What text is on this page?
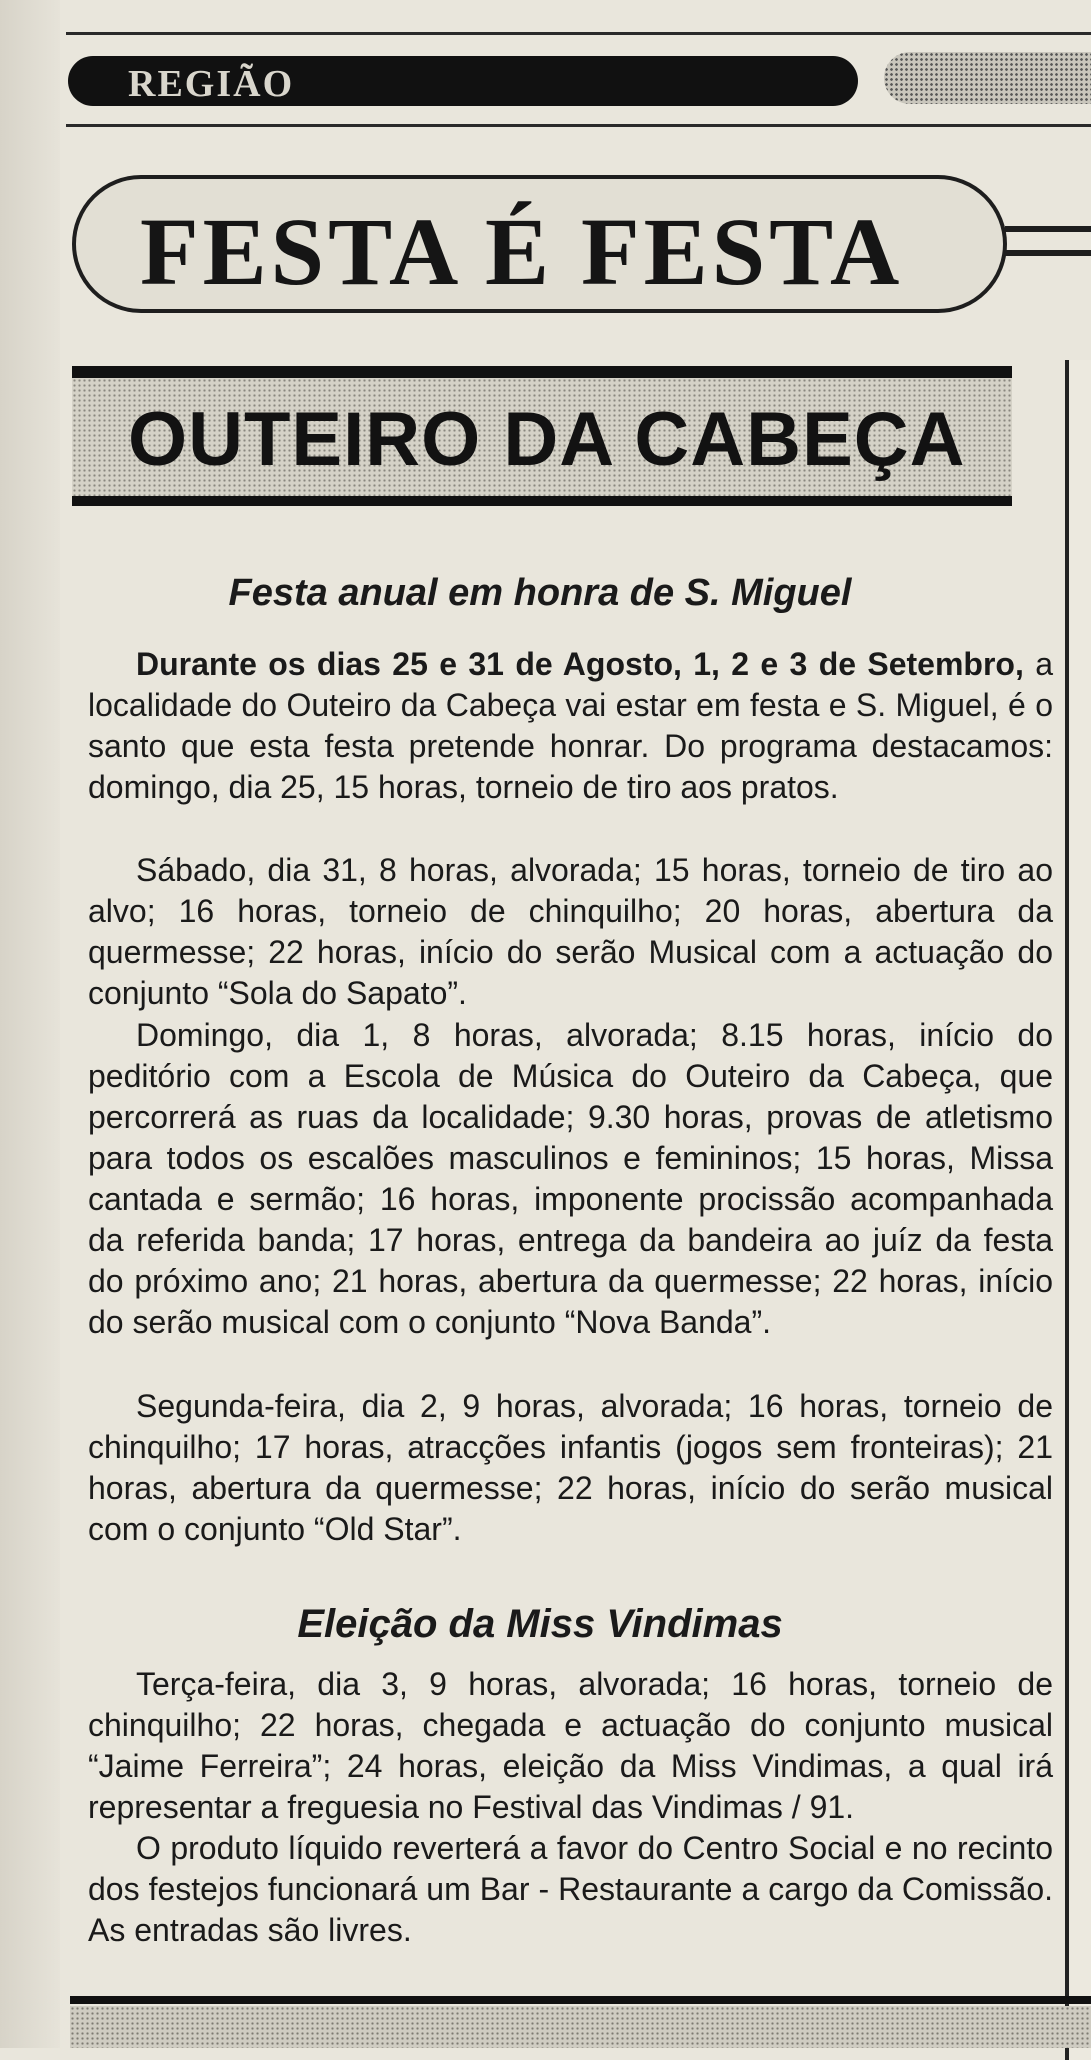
REGIÃO
FESTA É FESTA
OUTEIRO DA CABEÇA
Festa anual em honra de S. Miguel

Durante os dias 25 e 31 de Agosto, 1, 2 e 3 de Setembro, a localidade do Outeiro da Cabeça vai estar em festa e S. Miguel, é o santo que esta festa pretende honrar. Do programa destacamos: domingo, dia 25, 15 horas, torneio de tiro aos pratos.

Sábado, dia 31, 8 horas, alvorada; 15 horas, torneio de tiro ao alvo; 16 horas, torneio de chinquilho; 20 horas, abertura da quermesse; 22 horas, início do serão Musical com a actuação do conjunto “Sola do Sapato”.

Domingo, dia 1, 8 horas, alvorada; 8.15 horas, início do peditório com a Escola de Música do Outeiro da Cabeça, que percorrerá as ruas da localidade; 9.30 horas, provas de atletismo para todos os escalões masculinos e femininos; 15 horas, Missa cantada e sermão; 16 horas, imponente procissão acompanhada da referida banda; 17 horas, entrega da bandeira ao juíz da festa do próximo ano; 21 horas, abertura da quermesse; 22 horas, início do serão musical com o conjunto “Nova Banda”.

Segunda-feira, dia 2, 9 horas, alvorada; 16 horas, torneio de chinquilho; 17 horas, atracções infantis (jogos sem fronteiras); 21 horas, abertura da quermesse; 22 horas, início do serão musical com o conjunto “Old Star”.

Eleição da Miss Vindimas

Terça-feira, dia 3, 9 horas, alvorada; 16 horas, torneio de chinquilho; 22 horas, chegada e actuação do conjunto musical “Jaime Ferreira”; 24 horas, eleição da Miss Vindimas, a qual irá representar a freguesia no Festival das Vindimas / 91.

O produto líquido reverterá a favor do Centro Social e no recinto dos festejos funcionará um Bar - Restaurante a cargo da Comissão. As entradas são livres.
